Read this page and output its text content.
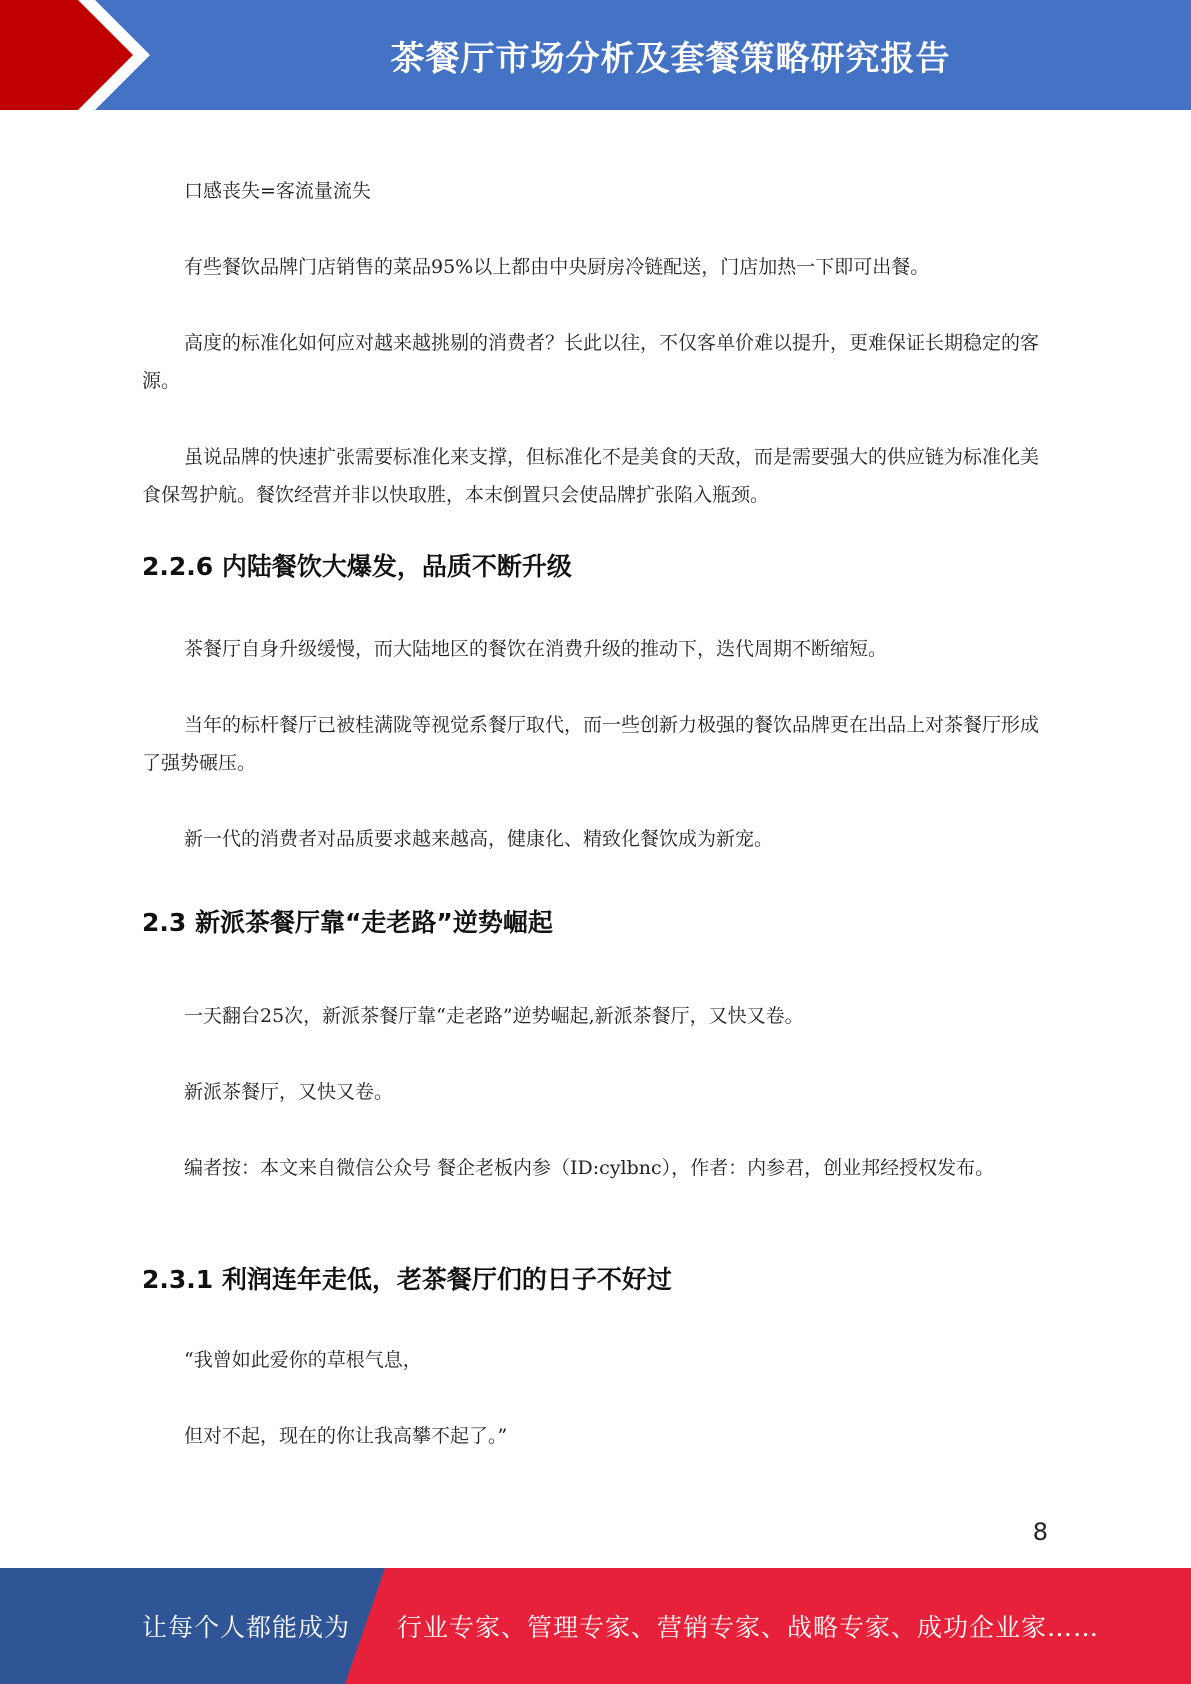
茶餐厅市场分析及套餐策略研究报告
口感丧失=客流量流失
有些餐饮品牌门店销售的菜品95%以上都由中央厨房冷链配送，门店加热一下即可出餐。
高度的标准化如何应对越来越挑剔的消费者？长此以往，不仅客单价难以提升，更难保证长期稳定的客源。
虽说品牌的快速扩张需要标准化来支撑，但标准化不是美食的天敌，而是需要强大的供应链为标准化美食保驾护航。餐饮经营并非以快取胜，本末倒置只会使品牌扩张陷入瓶颈。
2.2.6 内陆餐饮大爆发，品质不断升级
茶餐厅自身升级缓慢，而大陆地区的餐饮在消费升级的推动下，迭代周期不断缩短。
当年的标杆餐厅已被桂满陇等视觉系餐厅取代，而一些创新力极强的餐饮品牌更在出品上对茶餐厅形成了强势碾压。
新一代的消费者对品质要求越来越高，健康化、精致化餐饮成为新宠。
2.3 新派茶餐厅靠“走老路”逆势崛起
一天翻台25次，新派茶餐厅靠“走老路”逆势崛起,新派茶餐厅，又快又卷。
新派茶餐厅，又快又卷。
编者按：本文来自微信公众号 餐企老板内参（ID:cylbnc），作者：内参君，创业邦经授权发布。
2.3.1 利润连年走低，老茶餐厅们的日子不好过
“我曾如此爱你的草根气息，
但对不起，现在的你让我高攀不起了。”
8
让每个人都能成为 行业专家、管理专家、营销专家、战略专家、成功企业家……
